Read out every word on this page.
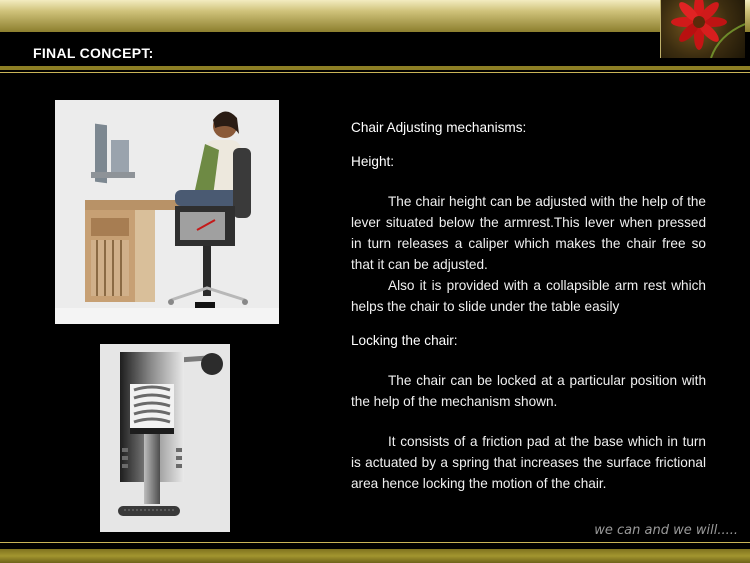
FINAL CONCEPT:

Chair Adjusting mechanisms:

Height:

The chair height can be adjusted with the help of the lever situated below the armrest.This lever when pressed in turn releases a caliper which makes the chair free so that it can be adjusted.

Also it is provided with a collapsible arm rest which helps the chair to slide under the table easily

Locking the chair:

The chair can be locked at a particular position with the help of the mechanism shown.

It consists of a friction pad at the base which in turn is actuated by a spring that increases the surface frictional area hence locking the motion of the chair.

we can and we will.....
